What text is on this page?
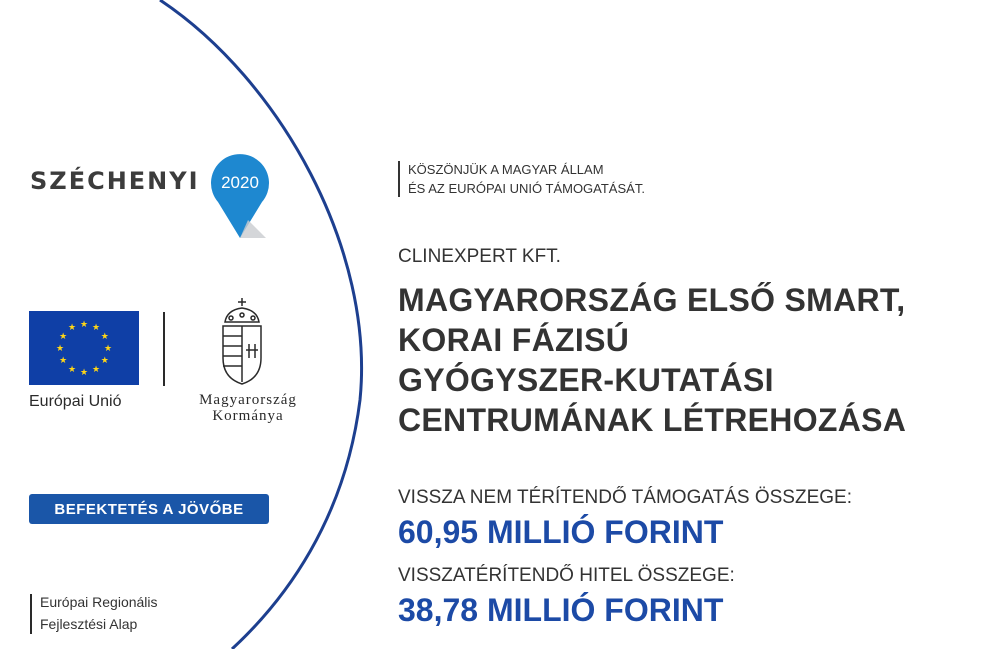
SZÉCHENYI 2020
★ ★
★
★
★
★
★
★
★
★
★
★
Európai Unió	Magyarország
Kormánya
BEFEKTETÉS A JÖVŐBE
Európai Regionális
Fejlesztési Alap
KÖSZÖNJÜK A MAGYAR ÁLLAM
ÉS AZ EURÓPAI UNIÓ TÁMOGATÁSÁT.
CLINEXPERT KFT.
MAGYARORSZÁG ELSŐ SMART,
KORAI FÁZISÚ
GYÓGYSZER-KUTATÁSI
CENTRUMÁNAK LÉTREHOZÁSA
VISSZA NEM TÉRÍTENDŐ TÁMOGATÁS ÖSSZEGE:
60,95 MILLIÓ FORINT
VISSZATÉRÍTENDŐ HITEL ÖSSZEGE:
38,78 MILLIÓ FORINT
